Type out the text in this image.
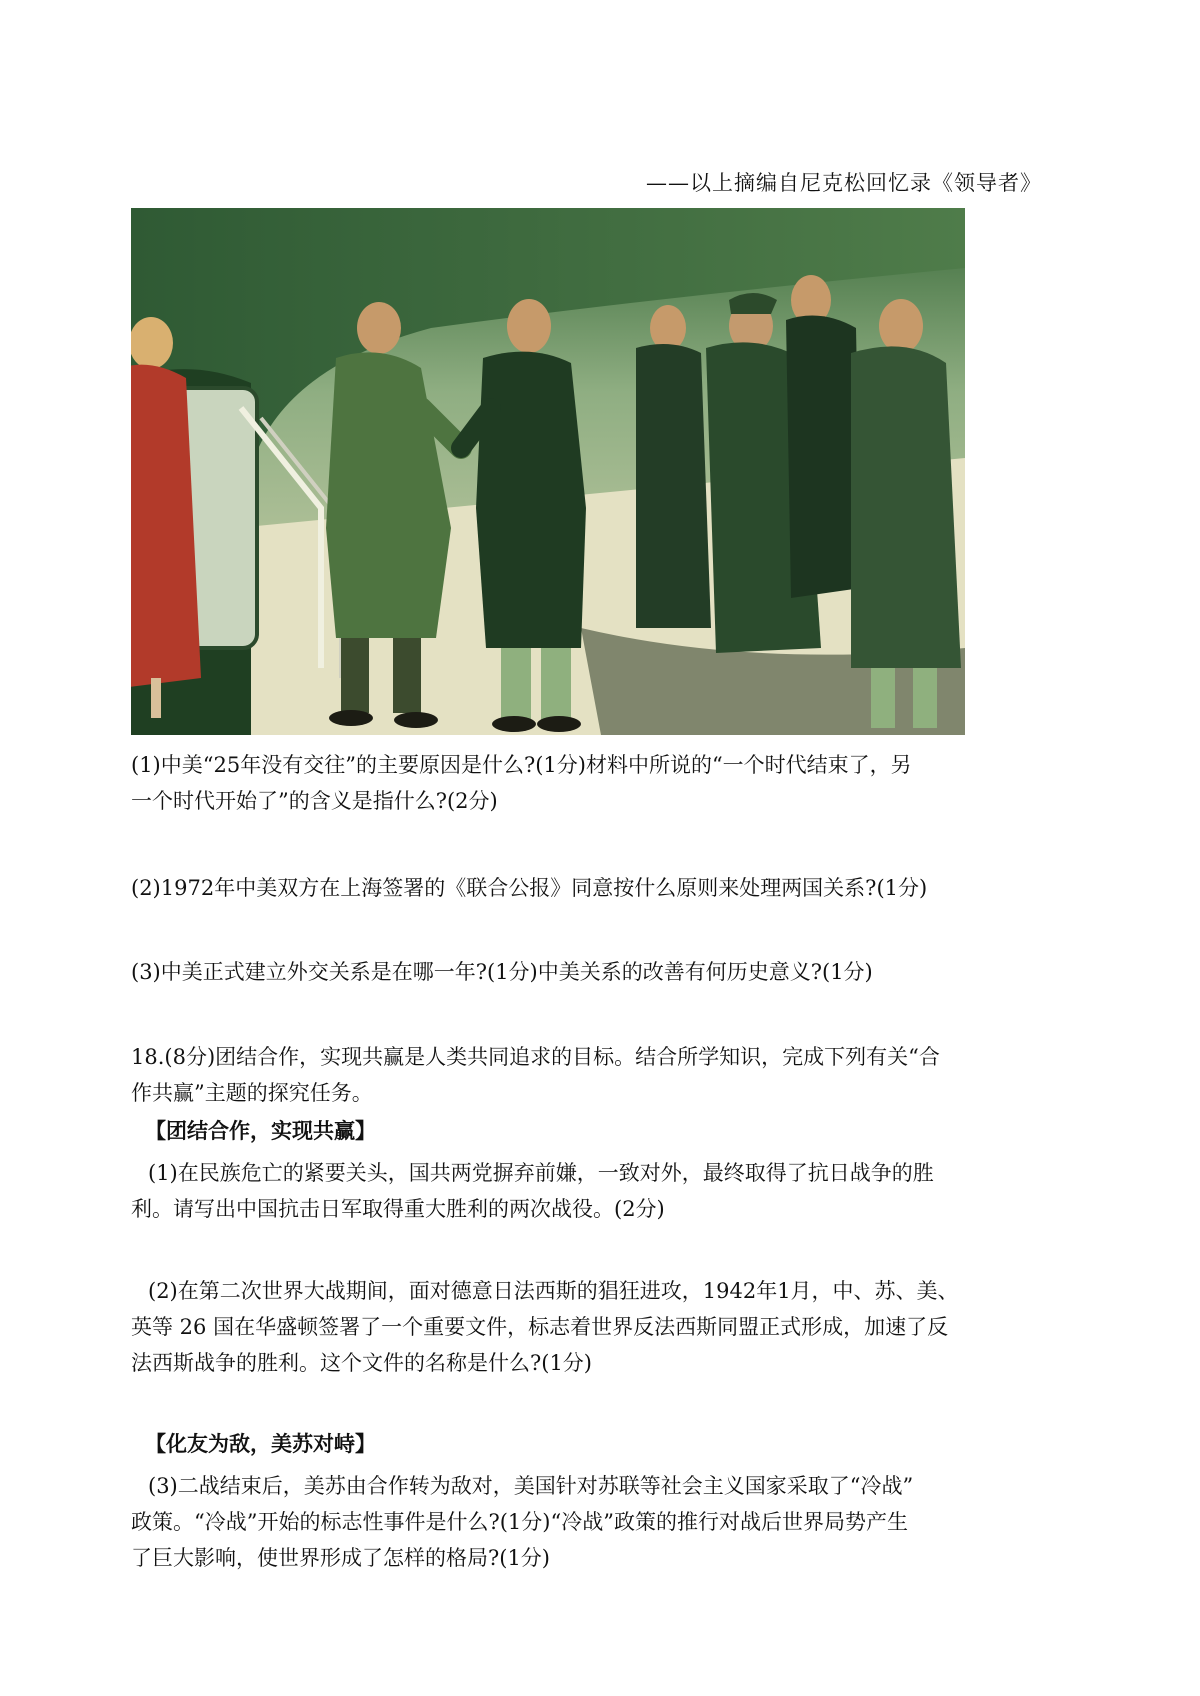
——以上摘编自尼克松回忆录《领导者》
(1)中美“25年没有交往”的主要原因是什么?(1分)材料中所说的“一个时代结束了，另
一个时代开始了”的含义是指什么?(2分)
(2)1972年中美双方在上海签署的《联合公报》同意按什么原则来处理两国关系?(1分)
(3)中美正式建立外交关系是在哪一年?(1分)中美关系的改善有何历史意义?(1分)
18.(8分)团结合作，实现共赢是人类共同追求的目标。结合所学知识，完成下列有关“合
作共赢”主题的探究任务。
【团结合作，实现共赢】
(1)在民族危亡的紧要关头，国共两党摒弃前嫌，一致对外，最终取得了抗日战争的胜
利。请写出中国抗击日军取得重大胜利的两次战役。(2分)
(2)在第二次世界大战期间，面对德意日法西斯的猖狂进攻，1942年1月，中、苏、美、
英等 26 国在华盛顿签署了一个重要文件，标志着世界反法西斯同盟正式形成，加速了反
法西斯战争的胜利。这个文件的名称是什么?(1分)
【化友为敌，美苏对峙】
(3)二战结束后，美苏由合作转为敌对，美国针对苏联等社会主义国家采取了“冷战”
政策。“冷战”开始的标志性事件是什么?(1分)“冷战”政策的推行对战后世界局势产生
了巨大影响，使世界形成了怎样的格局?(1分)
